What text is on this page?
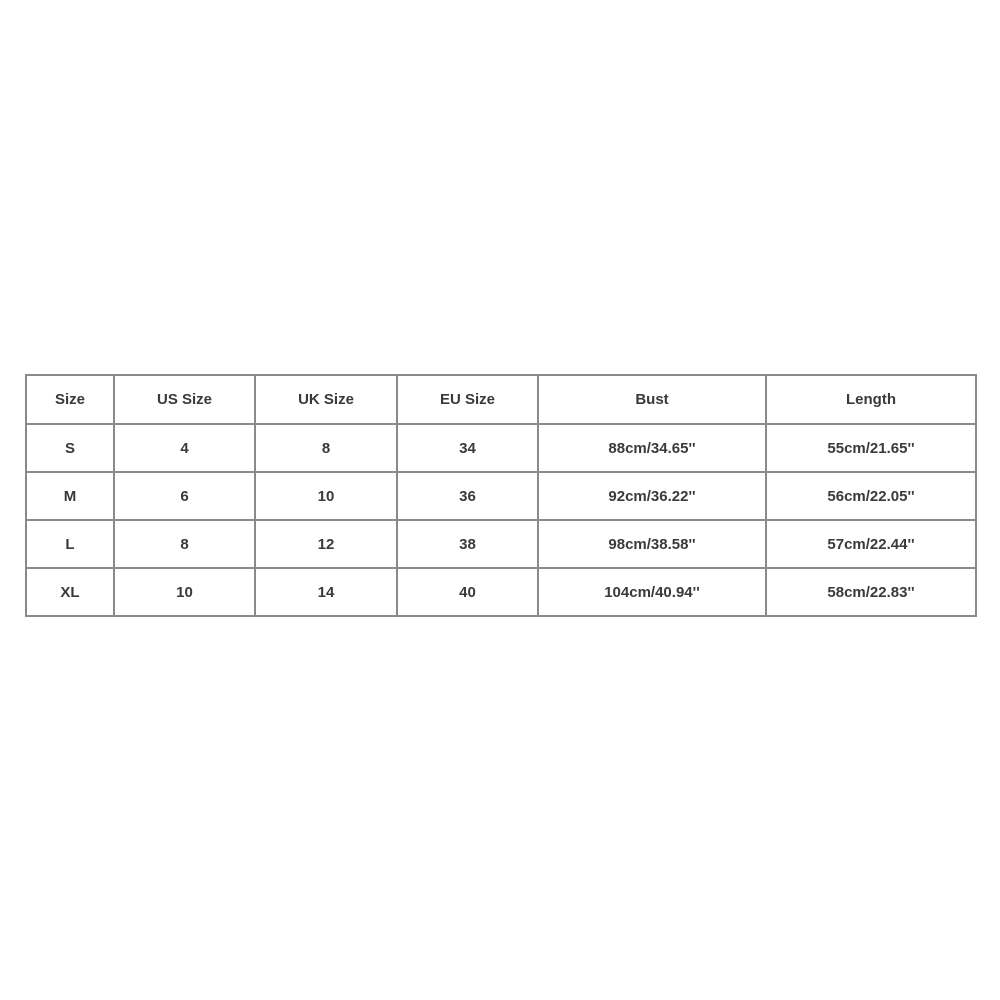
Size	US Size	UK Size	EU Size	Bust	Length
S	4	8	34	88cm/34.65''	55cm/21.65''
M	6	10	36	92cm/36.22''	56cm/22.05''
L	8	12	38	98cm/38.58''	57cm/22.44''
XL	10	14	40	104cm/40.94''	58cm/22.83''
